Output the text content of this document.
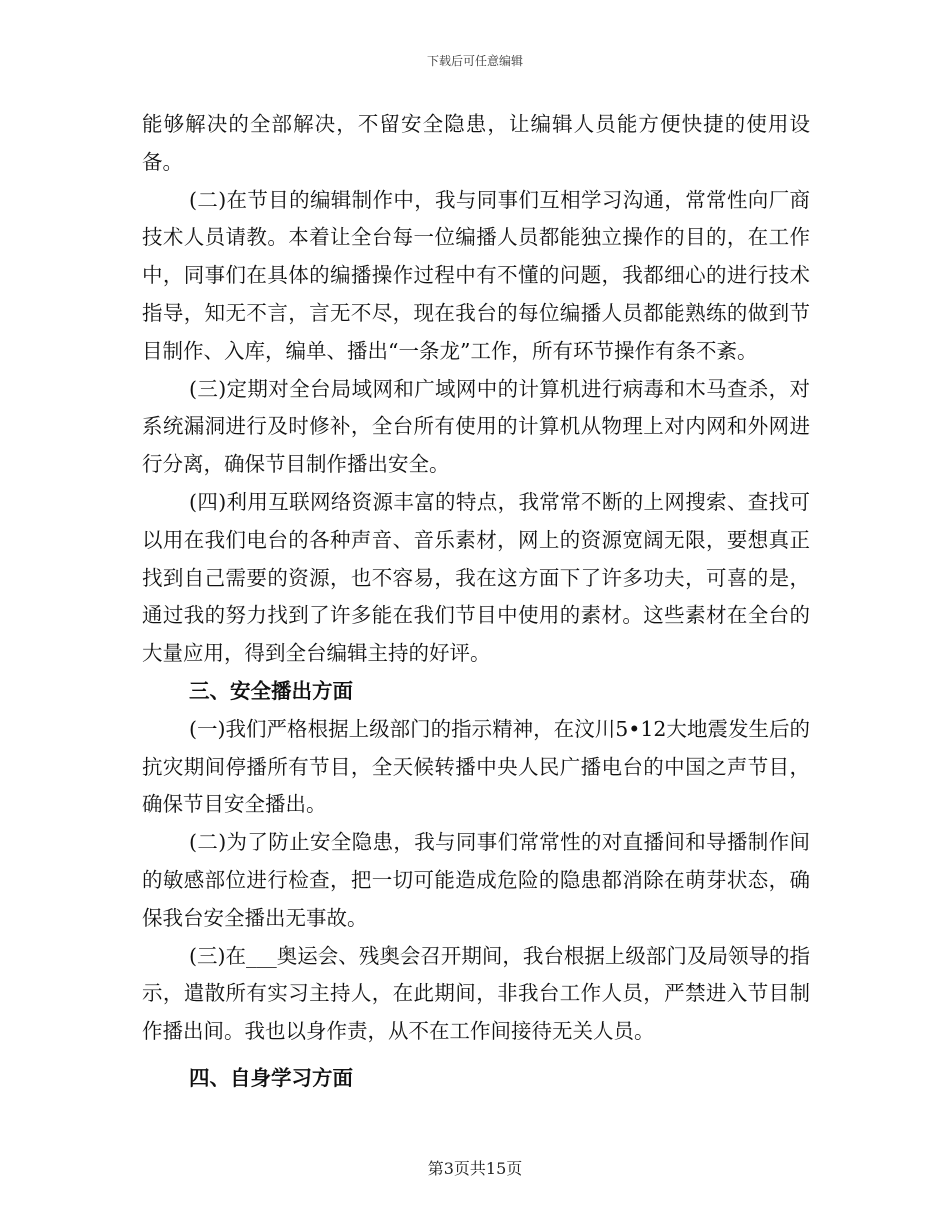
下载后可任意编辑

能够解决的全部解决，不留安全隐患，让编辑人员能方便快捷的使用设备。

(二)在节目的编辑制作中，我与同事们互相学习沟通，常常性向厂商技术人员请教。本着让全台每一位编播人员都能独立操作的目的，在工作中，同事们在具体的编播操作过程中有不懂的问题，我都细心的进行技术指导，知无不言，言无不尽，现在我台的每位编播人员都能熟练的做到节目制作、入库，编单、播出“一条龙”工作，所有环节操作有条不紊。

(三)定期对全台局域网和广域网中的计算机进行病毒和木马查杀，对系统漏洞进行及时修补，全台所有使用的计算机从物理上对内网和外网进行分离，确保节目制作播出安全。

(四)利用互联网络资源丰富的特点，我常常不断的上网搜索、查找可以用在我们电台的各种声音、音乐素材，网上的资源宽阔无限，要想真正找到自己需要的资源，也不容易，我在这方面下了许多功夫，可喜的是，通过我的努力找到了许多能在我们节目中使用的素材。这些素材在全台的大量应用，得到全台编辑主持的好评。

三、安全播出方面

(一)我们严格根据上级部门的指示精神，在汶川5•12大地震发生后的抗灾期间停播所有节目，全天候转播中央人民广播电台的中国之声节目，确保节目安全播出。

(二)为了防止安全隐患，我与同事们常常性的对直播间和导播制作间的敏感部位进行检查，把一切可能造成危险的隐患都消除在萌芽状态，确保我台安全播出无事故。

(三)在___奥运会、残奥会召开期间，我台根据上级部门及局领导的指示，遣散所有实习主持人，在此期间，非我台工作人员，严禁进入节目制作播出间。我也以身作责，从不在工作间接待无关人员。

四、自身学习方面

第3页共15页
